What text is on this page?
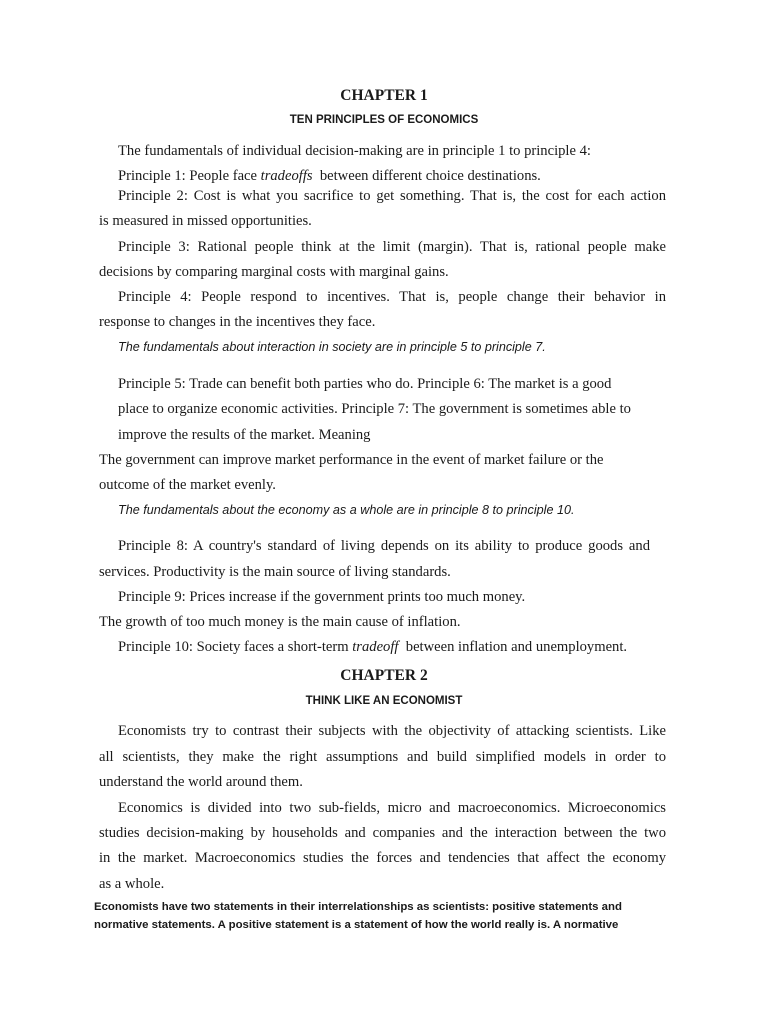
CHAPTER 1
TEN PRINCIPLES OF ECONOMICS
The fundamentals of individual decision-making are in principle 1 to principle 4:
Principle 1: People face tradeoffs  between different choice destinations.
Principle 2: Cost is what you sacrifice to get something. That is, the cost for each action
is measured in missed opportunities.
Principle 3: Rational people think at the limit (margin). That is, rational people make
decisions by comparing marginal costs with marginal gains.
Principle 4: People respond to incentives. That is, people change their behavior in
response to changes in the incentives they face.
The fundamentals about interaction in society are in principle 5 to principle 7.
Principle 5: Trade can benefit both parties who do. Principle 6: The market is a good
place to organize economic activities. Principle 7: The government is sometimes able to
improve the results of the market. Meaning
The government can improve market performance in the event of market failure or the
outcome of the market evenly.
The fundamentals about the economy as a whole are in principle 8 to principle 10.
Principle 8: A country's standard of living depends on its ability to produce goods and
services. Productivity is the main source of living standards.
Principle 9: Prices increase if the government prints too much money.
The growth of too much money is the main cause of inflation.
Principle 10: Society faces a short-term tradeoff  between inflation and unemployment.
CHAPTER 2
THINK LIKE AN ECONOMIST
Economists try to contrast their subjects with the objectivity of attacking scientists. Like
all scientists, they make the right assumptions and build simplified models in order to
understand the world around them.
Economics is divided into two sub-fields, micro and macroeconomics. Microeconomics
studies decision-making by households and companies and the interaction between the two
in the market. Macroeconomics studies the forces and tendencies that affect the economy
as a whole.
Economists have two statements in their interrelationships as scientists: positive statements and
normative statements. A positive statement is a statement of how the world really is. A normative
